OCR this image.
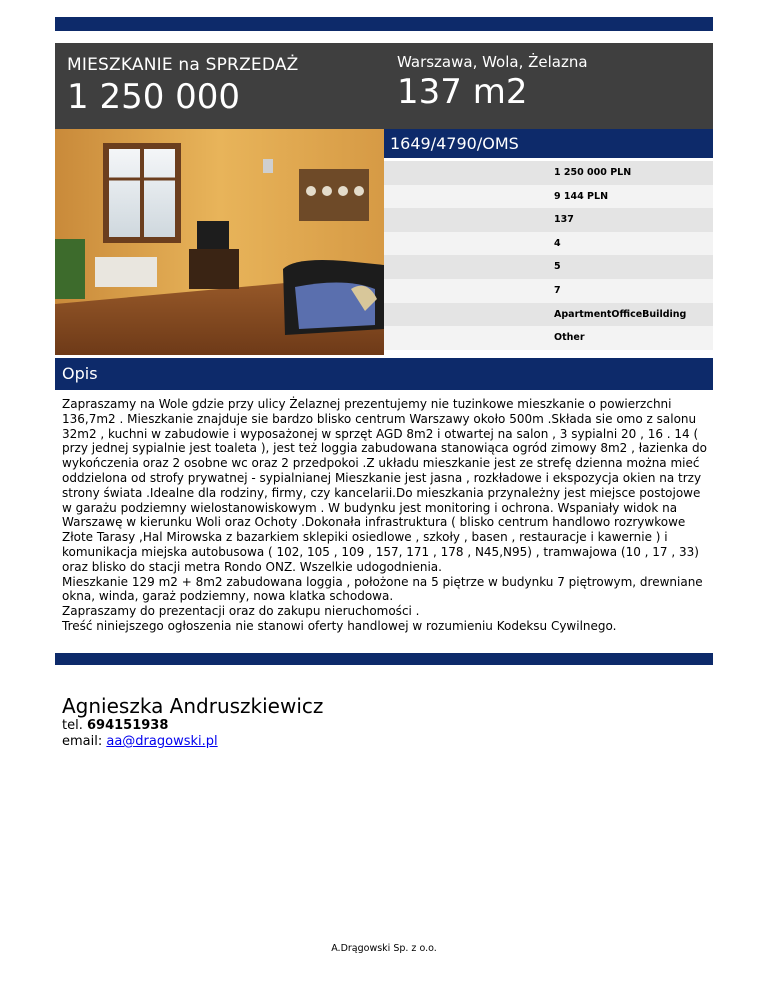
MIESZKANIE na SPRZEDAŻ
1 250 000
Warszawa, Wola, Żelazna
137 m2
1649/4790/OMS
1 250 000 PLN
9 144 PLN
137
4
5
7
ApartmentOfficeBuilding
Other
Opis
Zapraszamy na Wole gdzie przy ulicy Żelaznej prezentujemy nie tuzinkowe mieszkanie o powierzchni 136,7m2 . Mieszkanie znajduje sie bardzo blisko centrum Warszawy około 500m .Składa sie omo z salonu 32m2 , kuchni w zabudowie i wyposażonej w sprzęt AGD 8m2 i otwartej na salon , 3 sypialni 20 , 16 . 14 ( przy jednej sypialnie jest toaleta ), jest też loggia zabudowana stanowiąca ogród zimowy 8m2 , łazienka do wykończenia oraz 2 osobne wc oraz 2 przedpokoi .Z układu mieszkanie jest ze strefę dzienna można mieć oddzielona od strofy prywatnej - sypialnianej Mieszkanie jest jasna , rozkładowe i ekspozycja okien na trzy strony świata .Idealne dla rodziny, firmy, czy kancelarii.Do mieszkania przynależny jest miejsce postojowe w garażu podziemny wielostanowiskowym . W budynku jest monitoring i ochrona. Wspaniały widok na Warszawę w kierunku Woli oraz Ochoty .Dokonała infrastruktura ( blisko centrum handlowo rozrywkowe Złote Tarasy ,Hal Mirowska z bazarkiem sklepiki osiedlowe , szkoły , basen , restauracje i kawernie ) i komunikacja miejska autobusowa ( 102, 105 , 109 , 157, 171 , 178 , N45,N95) , tramwajowa (10 , 17 , 33) oraz blisko do stacji metra Rondo ONZ. Wszelkie udogodnienia.
Mieszkanie 129 m2 + 8m2 zabudowana loggia , położone na 5 piętrze w budynku 7 piętrowym, drewniane okna, winda, garaż podziemny, nowa klatka schodowa.
Zapraszamy do prezentacji oraz do zakupu nieruchomości .
Treść niniejszego ogłoszenia nie stanowi oferty handlowej w rozumieniu Kodeksu Cywilnego.
Agnieszka Andruszkiewicz
tel. 694151938
email: aa@dragowski.pl
A.Drągowski Sp. z o.o.
